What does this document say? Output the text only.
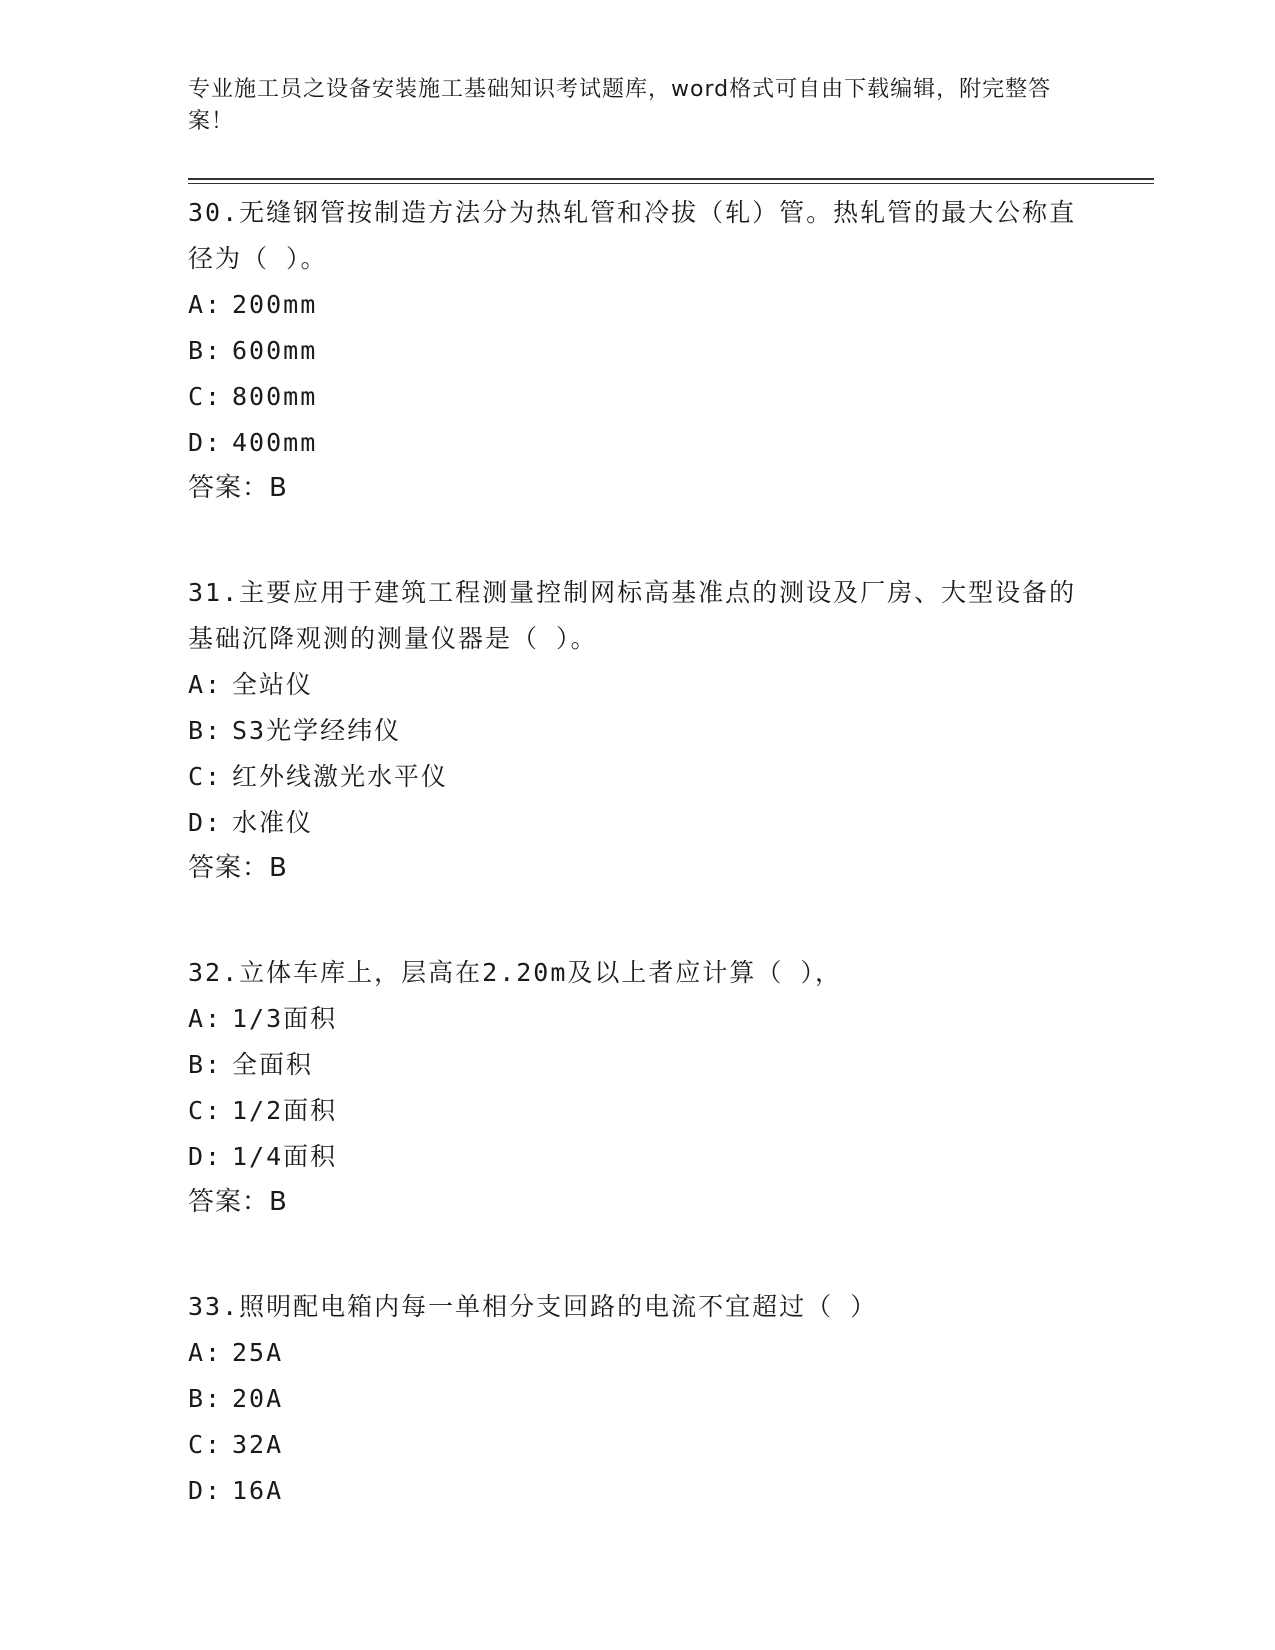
专业施工员之设备安装施工基础知识考试题库，word格式可自由下载编辑，附完整答案！
30.无缝钢管按制造方法分为热轧管和冷拔（轧）管。热轧管的最大公称直径为（ ）。
A: 200mm
B: 600mm
C: 800mm
D: 400mm
答案：B
31.主要应用于建筑工程测量控制网标高基准点的测设及厂房、大型设备的基础沉降观测的测量仪器是（ ）。
A: 全站仪
B: S3光学经纬仪
C: 红外线激光水平仪
D: 水准仪
答案：B
32.立体车库上，层高在2.20m及以上者应计算（ ），
A: 1/3面积
B: 全面积
C: 1/2面积
D: 1/4面积
答案：B
33.照明配电箱内每一单相分支回路的电流不宜超过（ ）
A: 25A
B: 20A
C: 32A
D: 16A
